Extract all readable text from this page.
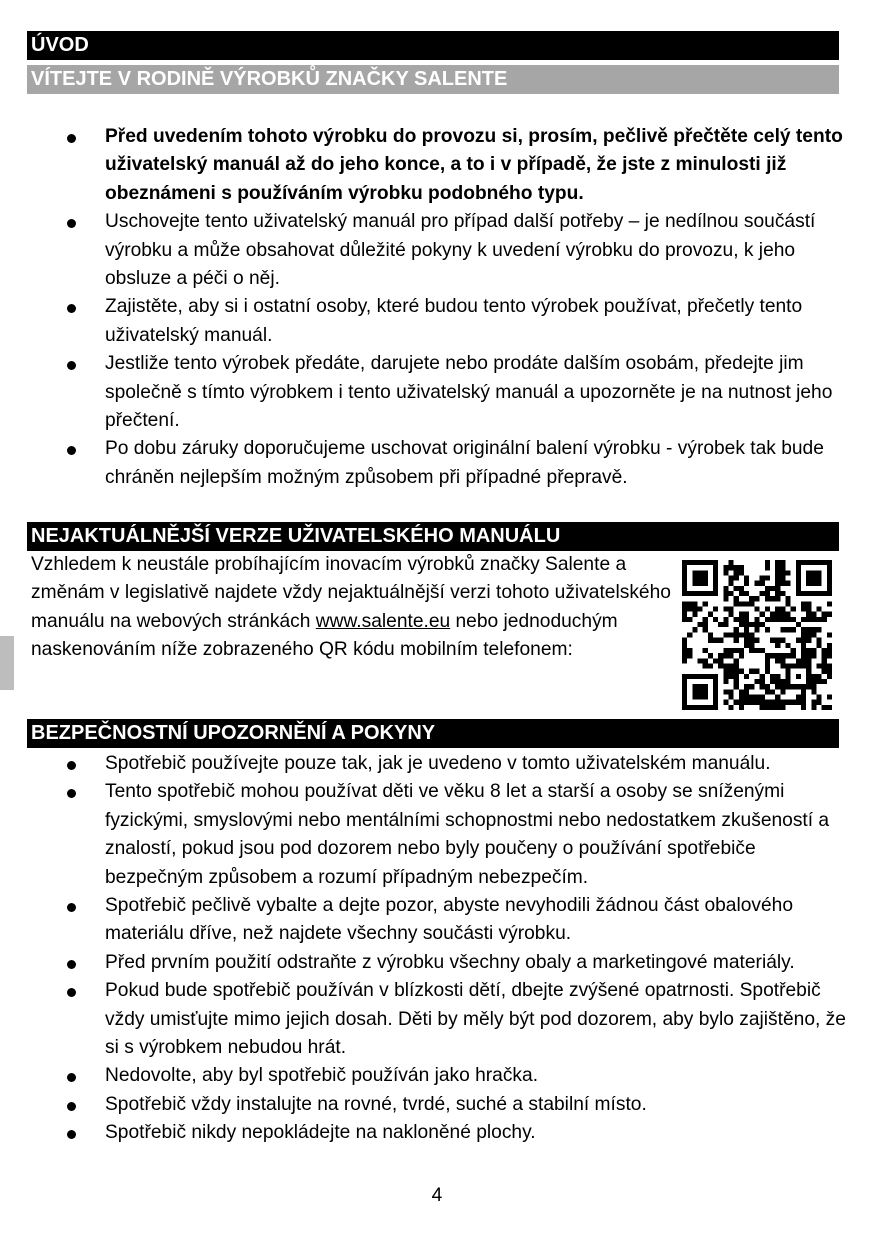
ÚVOD
VÍTEJTE V RODINĚ VÝROBKŮ ZNAČKY SALENTE
Před uvedením tohoto výrobku do provozu si, prosím, pečlivě přečtěte celý tento uživatelský manuál až do jeho konce, a to i v případě, že jste z minulosti již obeznámeni s používáním výrobku podobného typu.
Uschovejte tento uživatelský manuál pro případ další potřeby – je nedílnou součástí výrobku a může obsahovat důležité pokyny k uvedení výrobku do provozu, k jeho obsluze a péči o něj.
Zajistěte, aby si i ostatní osoby, které budou tento výrobek používat, přečetly tento uživatelský manuál.
Jestliže tento výrobek předáte, darujete nebo prodáte dalším osobám, předejte jim společně s tímto výrobkem i tento uživatelský manuál a upozorněte je na nutnost jeho přečtení.
Po dobu záruky doporučujeme uschovat originální balení výrobku - výrobek tak bude chráněn nejlepším možným způsobem při případné přepravě.
NEJAKTUÁLNĚJŠÍ VERZE UŽIVATELSKÉHO MANUÁLU
Vzhledem k neustále probíhajícím inovacím výrobků značky Salente a změnám v legislativě najdete vždy nejaktuálnější verzi tohoto uživatelského manuálu na webových stránkách www.salente.eu nebo jednoduchým naskenováním níže zobrazeného QR kódu mobilním telefonem:
BEZPEČNOSTNÍ UPOZORNĚNÍ A POKYNY
Spotřebič používejte pouze tak, jak je uvedeno v tomto uživatelském manuálu.
Tento spotřebič mohou používat děti ve věku 8 let a starší a osoby se sníženými fyzickými, smyslovými nebo mentálními schopnostmi nebo nedostatkem zkušeností a znalostí, pokud jsou pod dozorem nebo byly poučeny o používání spotřebiče bezpečným způsobem a rozumí případným nebezpečím.
Spotřebič pečlivě vybalte a dejte pozor, abyste nevyhodili žádnou část obalového materiálu dříve, než najdete všechny součásti výrobku.
Před prvním použití odstraňte z výrobku všechny obaly a marketingové materiály.
Pokud bude spotřebič používán v blízkosti dětí, dbejte zvýšené opatrnosti. Spotřebič vždy umisťujte mimo jejich dosah. Děti by měly být pod dozorem, aby bylo zajištěno, že si s výrobkem nebudou hrát.
Nedovolte, aby byl spotřebič používán jako hračka.
Spotřebič vždy instalujte na rovné, tvrdé, suché a stabilní místo.
Spotřebič nikdy nepokládejte na nakloněné plochy.
4
